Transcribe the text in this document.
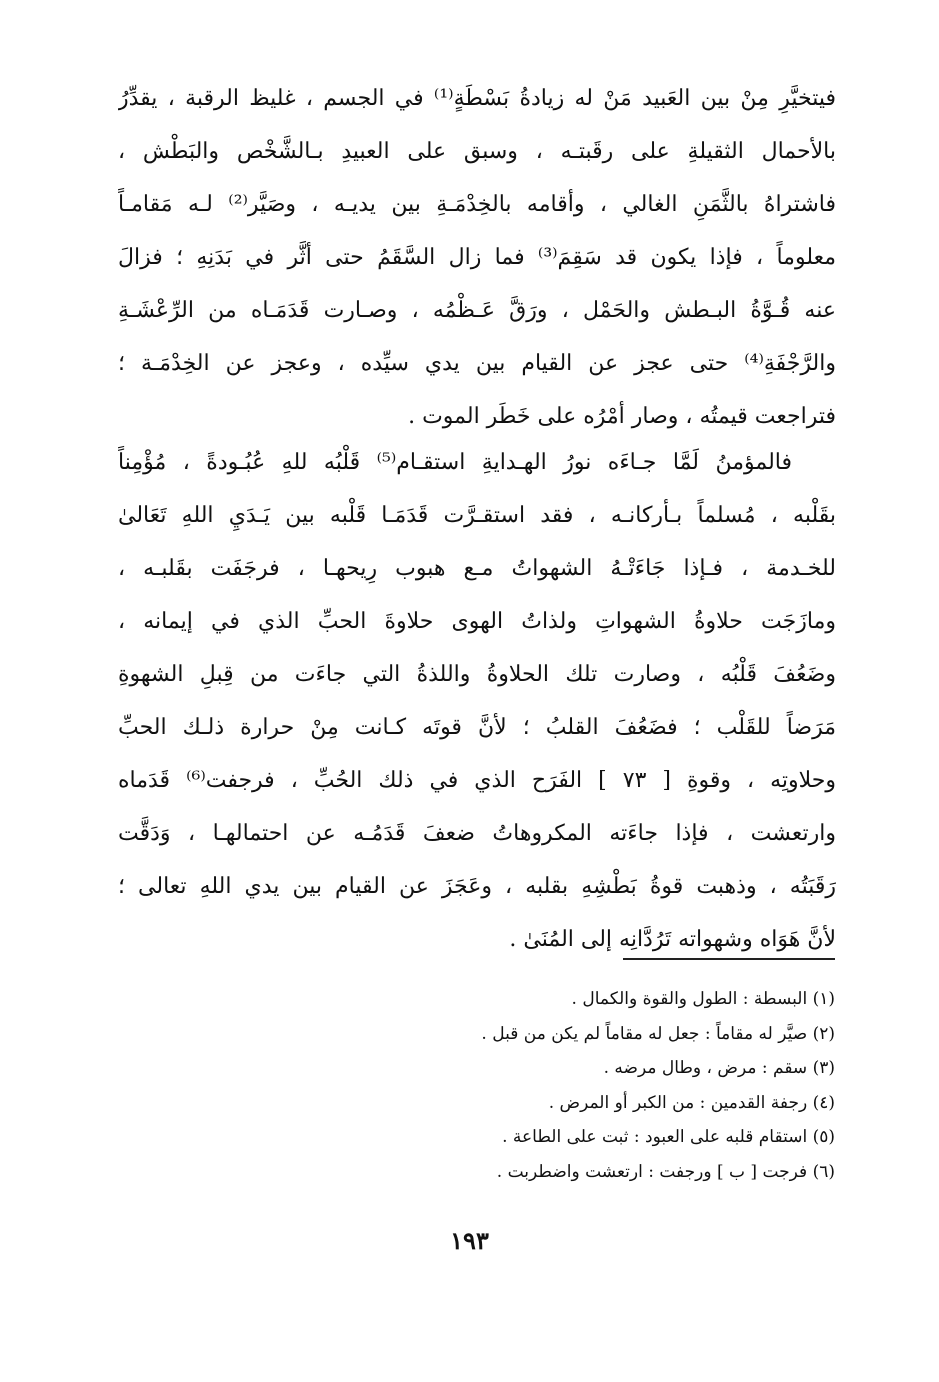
فيتخيَّرِ مِنْ بين العَبيد مَنْ له زيادةُ بَسْطَةٍ⁽¹⁾ في الجسم ، غليظ الرقبة ، يقدِّرُ
بالأحمال الثقيلةِ على رقَبتـه ، وسبق على العبيدِ بـالشَّخْص والبَطْش ،
فاشتراهُ بالثَّمَنِ الغالي ، وأقامه بالخِدْمَـةِ بين يديـه ، وصَيَّر⁽²⁾ لـه مَقامـاً
معلوماً ، فإذا يكون قد سَقِمَ⁽³⁾ فما زال السَّقَمُ حتى أثَّر في بَدَنِهِ ؛ فزالَ
عنه قُـوَّةُ البـطش والحَمْل ، ورَقَّ عَـظْمُه ، وصـارت قَدَمَـاه من الرِّعْشَـةِ
والرَّجْفَةِ⁽⁴⁾ حتى عجز عن القيام بين يدي سيِّده ، وعجز عن الخِدْمَـة ؛
فتراجعت قيمتُه ، وصار أمْرُه على خَطَر الموت .
فالمؤمنُ لَمَّا جـاءَه نورُ الهـدايةِ استقـام⁽⁵⁾ قَلْبُه للهِ عُبُـودةً ، مُؤْمِناً
بقَلْبه ، مُسلماً بـأركانـه ، فقد استقـرَّت قَدَمَـا قَلْبه بين يَـدَيِ اللهِ تَعَالىٰ
للخـدمة ، فـإذا جَاءَتْـهُ الشهواتُ مـع هبوب رِيحهـا ، فرجَفَت بقَلبـه ،
ومازَجَت حلاوةُ الشهواتِ ولذاتُ الهوى حلاوةَ الحبِّ الذي في إيمانه ،
وضَعُفَ قَلْبُه ، وصارت تلك الحلاوةُ واللذةُ التي جاءَت من قِبلِ الشهوةِ
مَرَضاً للقَلْب ؛ فضَعُفَ القلبُ ؛ لأنَّ قوتَه كـانت مِنْ حرارة ذلـك الحبِّ
وحلاوتِه ، وقوةِ [ ٧٣ ] الفَرَح الذي في ذلك الحُبِّ ، فرجفت⁽⁶⁾ قَدَماه
وارتعشت ، فإذا جاءَته المكروهاتُ ضعفَ قَدَمُـه عن احتمالهـا ، وَدَقَّت
رَقَبَتُه ، وذهبت قوةُ بَطْشِهِ بقلبه ، وعَجَزَ عن القيام بين يدي اللهِ تعالى ؛
لأنَّ هَوَاه وشهواته تَرُدَّانِه إلى المُنَىٰ .
(١) البسطة : الطول والقوة والكمال .
(٢) صيَّر له مقاماً : جعل له مقاماً لم يكن من قبل .
(٣) سقم : مرض ، وطال مرضه .
(٤) رجفة القدمين : من الكبر أو المرض .
(٥) استقام قلبه على العبود : ثبت على الطاعة .
(٦) فرجت [ ب ] ورجفت : ارتعشت واضطربت .
١٩٣
